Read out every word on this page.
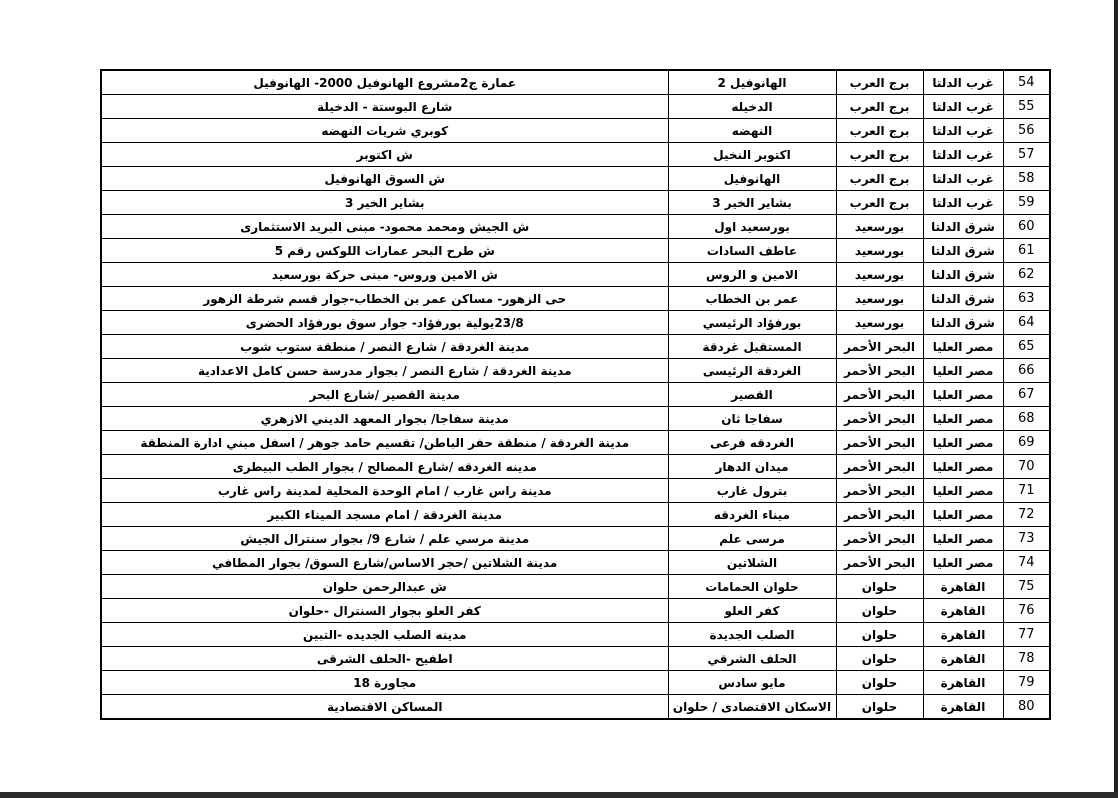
عمارة ج2مشروع الهانوفيل 2000- الهانوفيل	الهانوفيل 2	برج العرب	غرب الدلتا	54
شارع البوستة - الدخيلة	الدخيله	برج العرب	غرب الدلتا	55
كوبري شريات النهضه	النهضه	برج العرب	غرب الدلتا	56
ش اكتوبر	اكتوبر النخيل	برج العرب	غرب الدلتا	57
ش السوق الهانوفيل	الهانوفيل	برج العرب	غرب الدلتا	58
بشاير الخير 3	بشاير الخير 3	برج العرب	غرب الدلتا	59
ش الجيش ومحمد محمود- مبنى البريد الاستثمارى	بورسعيد اول	بورسعيد	شرق الدلتا	60
ش طرح البحر عمارات اللوكس رقم 5	عاطف السادات	بورسعيد	شرق الدلتا	61
ش الامين وروس- مبنى حركة بورسعيد	الامين و الروس	بورسعيد	شرق الدلتا	62
حى الزهور- مساكن عمر بن الخطاب-جوار قسم شرطة الزهور	عمر بن الخطاب	بورسعيد	شرق الدلتا	63
23/8يولية بورفؤاد- جوار سوق بورفؤاد الحضرى	بورفؤاد الرئيسي	بورسعيد	شرق الدلتا	64
مدينة الغردقة / شارع النصر / منطقة ستوب شوب	المستقبل غردقة	البحر الأحمر	مصر العليا	65
مدينة الغردقة / شارع النصر / بجوار مدرسة حسن كامل الاعدادية	الغردقة الرئيسى	البحر الأحمر	مصر العليا	66
مدينة القصير /شارع البحر	القصير	البحر الأحمر	مصر العليا	67
مدينة سفاجا/ بجوار المعهد الديني الازهري	سفاجا ثان	البحر الأحمر	مصر العليا	68
مدينة الغردقة / منطقة حفر الباطن/ تقسيم حامد جوهر / اسفل مبني ادارة المنطقة	الغردقه فرعى	البحر الأحمر	مصر العليا	69
مدينه الغردقه /شارع المصالح / بجوار الطب البيطرى	ميدان الدهار	البحر الأحمر	مصر العليا	70
مدينة راس غارب / امام الوحدة المحلية لمدينة راس غارب	بترول غارب	البحر الأحمر	مصر العليا	71
مدينة الغردقة / امام مسجد الميناء الكبير	ميناء الغردقه	البحر الأحمر	مصر العليا	72
مدينة مرسي علم / شارع 9/ بجوار سنترال الجيش	مرسى علم	البحر الأحمر	مصر العليا	73
مدينة الشلاتين /حجر الاساس/شارع السوق/ بجوار المطافي	الشلاتين	البحر الأحمر	مصر العليا	74
ش عبدالرحمن حلوان	حلوان الحمامات	حلوان	القاهرة	75
كفر العلو بجوار السنترال -حلوان	كفر العلو	حلوان	القاهرة	76
مدينه الصلب الجديده -التبين	الصلب الجديدة	حلوان	القاهرة	77
اطفيح -الحلف الشرقى	الحلف الشرقي	حلوان	القاهرة	78
مجاورة 18	مايو سادس	حلوان	القاهرة	79
المساكن الاقتصادية	الاسكان الاقتصادى / حلوان	حلوان	القاهرة	80
